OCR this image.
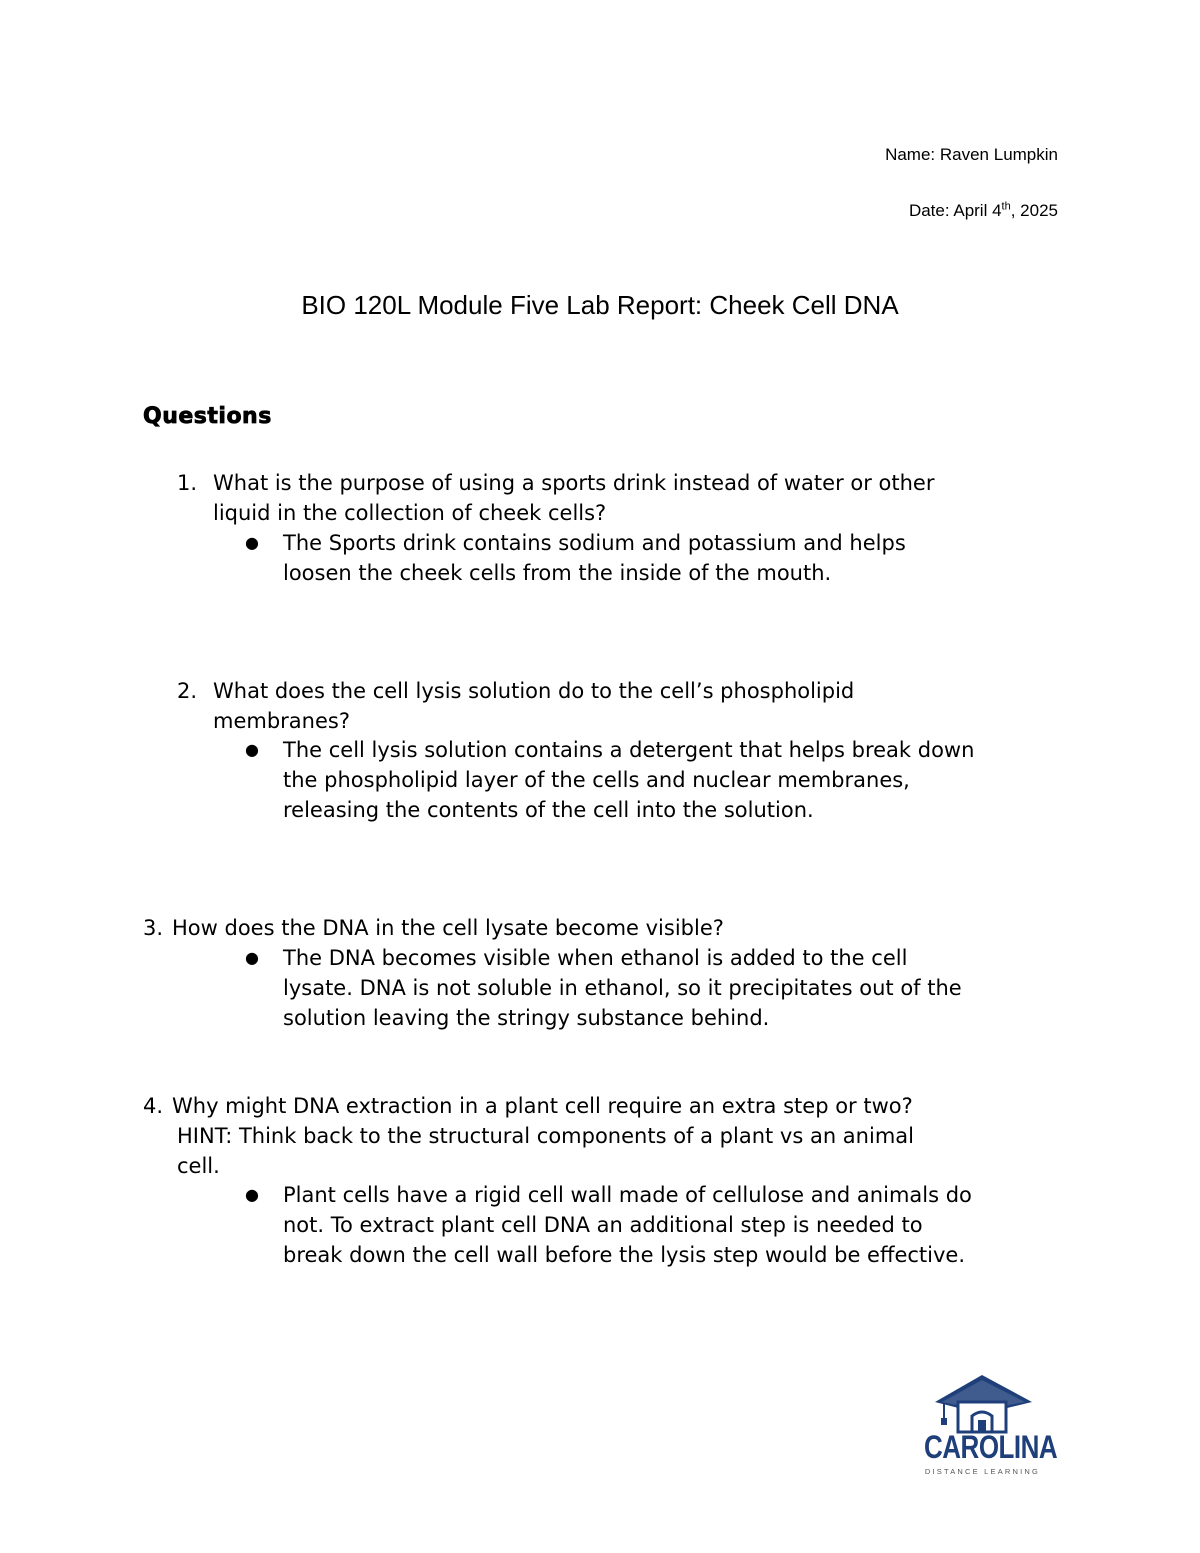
Name: Raven Lumpkin
Date: April 4th, 2025
BIO 120L Module Five Lab Report: Cheek Cell DNA
Questions
1. What is the purpose of using a sports drink instead of water or other
liquid in the collection of cheek cells?
● The Sports drink contains sodium and potassium and helps
loosen the cheek cells from the inside of the mouth.
2. What does the cell lysis solution do to the cell’s phospholipid
membranes?
● The cell lysis solution contains a detergent that helps break down
the phospholipid layer of the cells and nuclear membranes,
releasing the contents of the cell into the solution.
3. How does the DNA in the cell lysate become visible?
● The DNA becomes visible when ethanol is added to the cell
lysate. DNA is not soluble in ethanol, so it precipitates out of the
solution leaving the stringy substance behind.
4. Why might DNA extraction in a plant cell require an extra step or two?
HINT: Think back to the structural components of a plant vs an animal
cell.
● Plant cells have a rigid cell wall made of cellulose and animals do
not. To extract plant cell DNA an additional step is needed to
break down the cell wall before the lysis step would be effective.
CAROLINA
DISTANCE LEARNING
